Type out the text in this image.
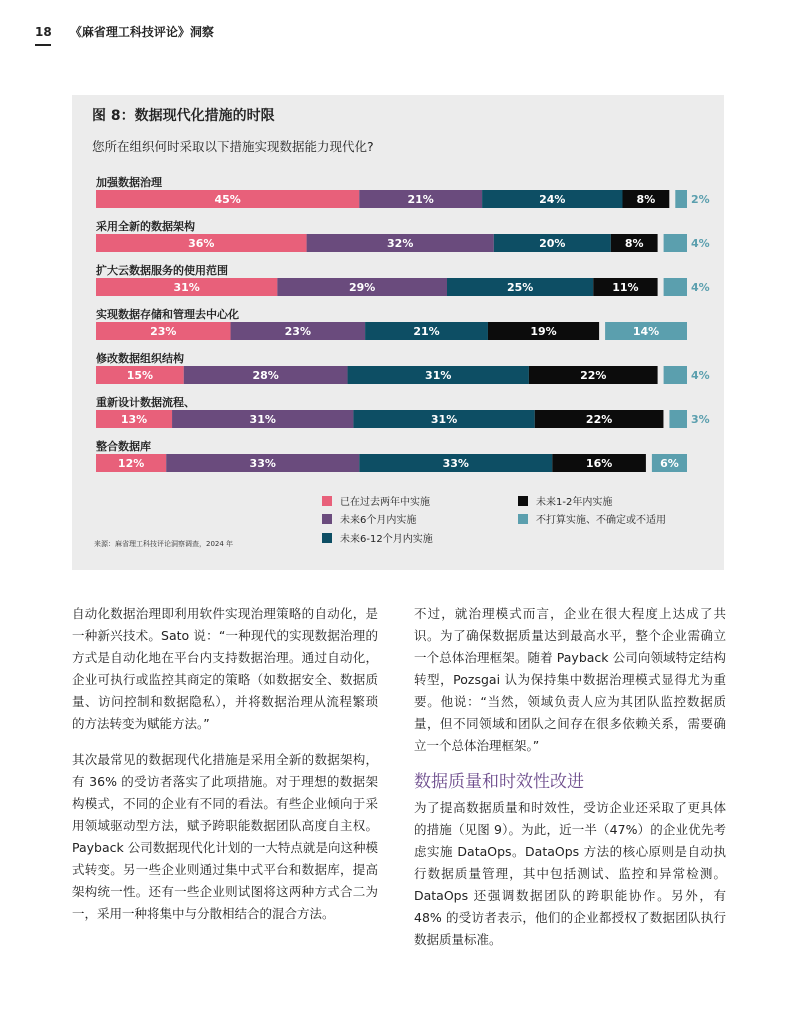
18 《麻省理工科技评论》洞察
图 8：数据现代化措施的时限
您所在组织何时采取以下措施实现数据能力现代化?
加强数据治理
45%	21%	24%	8%	2%
采用全新的数据架构
36%	32%	20%	8%	4%
扩大云数据服务的使用范围
31%	29%	25%	11%	4%
实现数据存储和管理去中心化
23%	23%	21%	19%	14%
修改数据组织结构
15%	28%	31%	22%	4%
重新设计数据流程、
13%	31%	31%	22%	3%
整合数据库
12%	33%	33%	16%	6%
已在过去两年中实施
未来6个月内实施
未来6-12个月内实施
未来1-2年内实施
不打算实施、不确定或不适用
来源：麻省理工科技评论洞察调查，2024 年

自动化数据治理即利用软件实现治理策略的自动化，是一种新兴技术。Sato 说：“一种现代的实现数据治理的方式是自动化地在平台内支持数据治理。通过自动化，企业可执行或监控其商定的策略（如数据安全、数据质量、访问控制和数据隐私），并将数据治理从流程繁琐的方法转变为赋能方法。”

其次最常见的数据现代化措施是采用全新的数据架构，有 36% 的受访者落实了此项措施。对于理想的数据架构模式，不同的企业有不同的看法。有些企业倾向于采用领域驱动型方法，赋予跨职能数据团队高度自主权。Payback 公司数据现代化计划的一大特点就是向这种模式转变。另一些企业则通过集中式平台和数据库，提高架构统一性。还有一些企业则试图将这两种方式合二为一，采用一种将集中与分散相结合的混合方法。

不过，就治理模式而言，企业在很大程度上达成了共识。为了确保数据质量达到最高水平，整个企业需确立一个总体治理框架。随着 Payback 公司向领域特定结构转型，Pozsgai 认为保持集中数据治理模式显得尤为重要。他说：“当然，领域负责人应为其团队监控数据质量，但不同领域和团队之间存在很多依赖关系，需要确立一个总体治理框架。”

数据质量和时效性改进

为了提高数据质量和时效性，受访企业还采取了更具体的措施（见图 9）。为此，近一半（47%）的企业优先考虑实施 DataOps。DataOps 方法的核心原则是自动执行数据质量管理，其中包括测试、监控和异常检测。DataOps 还强调数据团队的跨职能协作。另外，有 48% 的受访者表示，他们的企业都授权了数据团队执行数据质量标准。
